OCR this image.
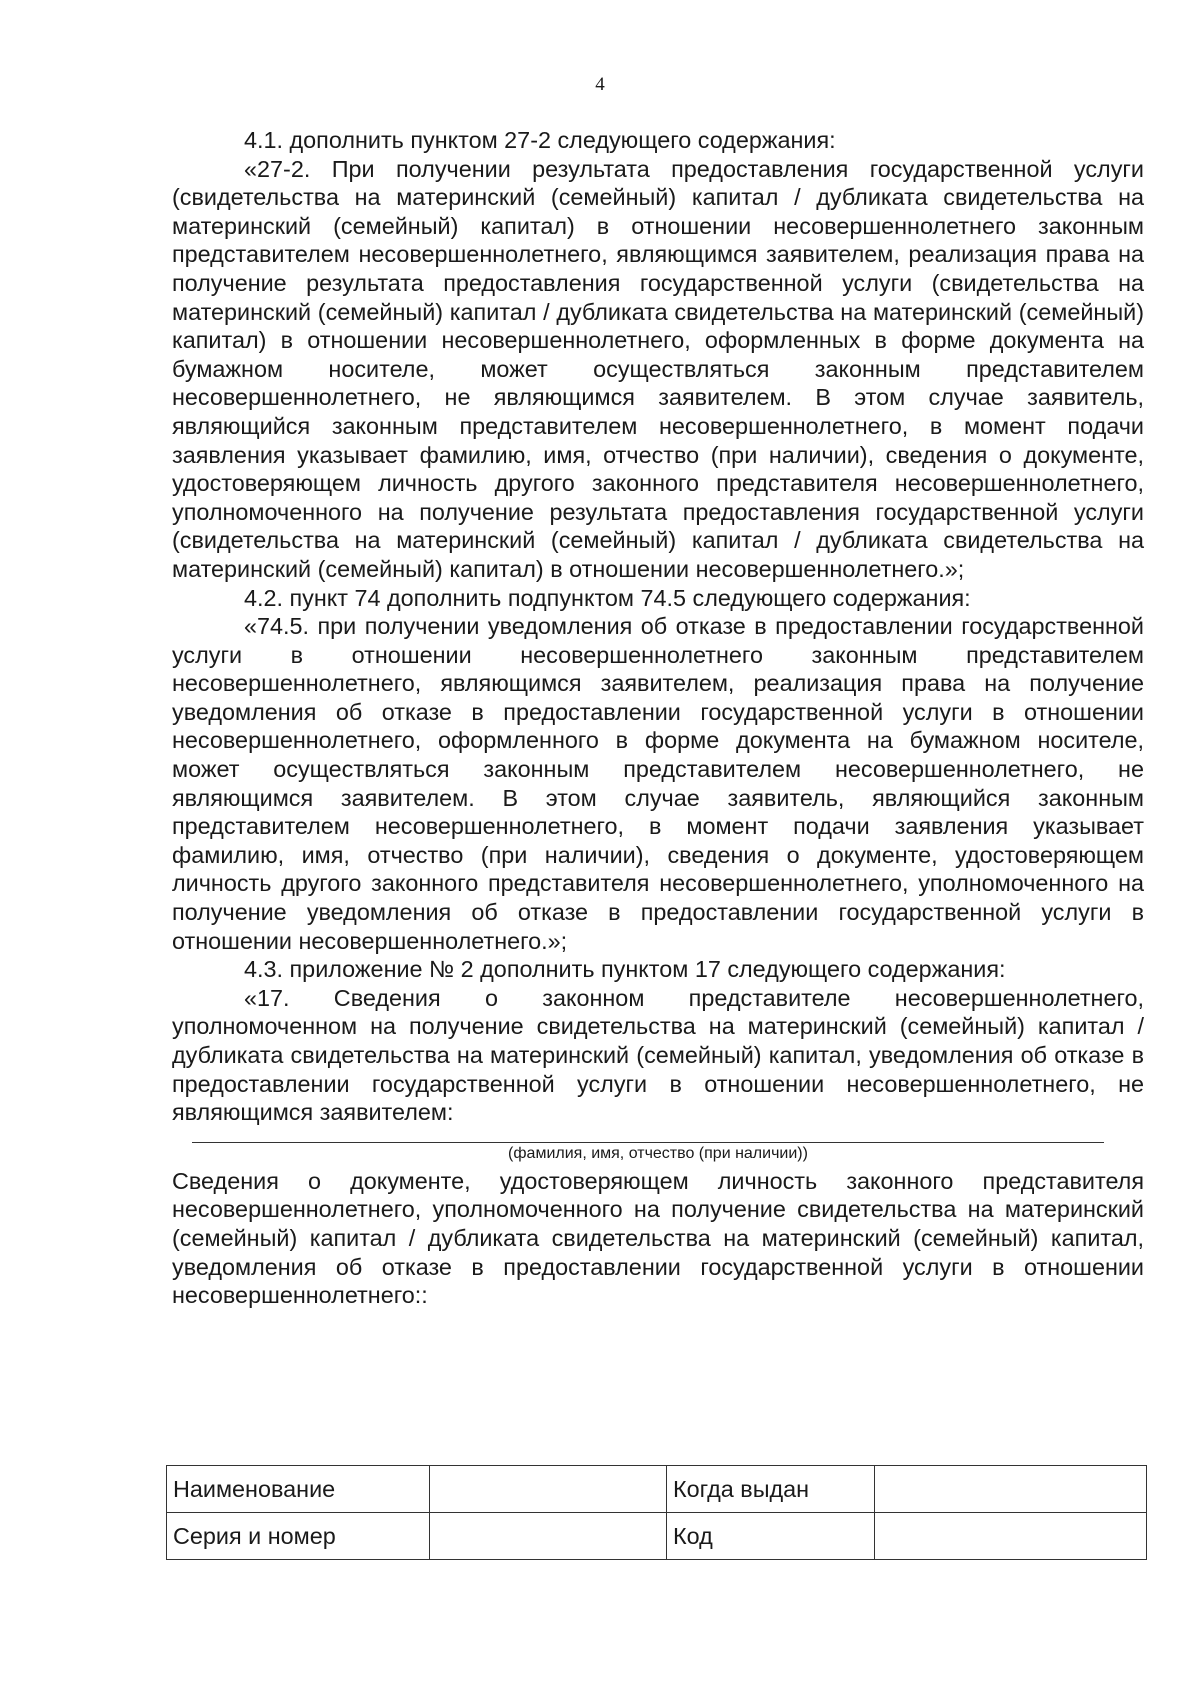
4

4.1. дополнить пунктом 27-2 следующего содержания:

«27-2. При получении результата предоставления государственной услуги (свидетельства на материнский (семейный) капитал / дубликата свидетельства на материнский (семейный) капитал) в отношении несовершеннолетнего законным представителем несовершеннолетнего, являющимся заявителем, реализация права на получение результата предоставления государственной услуги (свидетельства на материнский (семейный) капитал / дубликата свидетельства на материнский (семейный) капитал) в отношении несовершеннолетнего, оформленных в форме документа на бумажном носителе, может осуществляться законным представителем несовершеннолетнего, не являющимся заявителем. В этом случае заявитель, являющийся законным представителем несовершеннолетнего, в момент подачи заявления указывает фамилию, имя, отчество (при наличии), сведения о документе, удостоверяющем личность другого законного представителя несовершеннолетнего, уполномоченного на получение результата предоставления государственной услуги (свидетельства на материнский (семейный) капитал / дубликата свидетельства на материнский (семейный) капитал) в отношении несовершеннолетнего.»;

4.2. пункт 74 дополнить подпунктом 74.5 следующего содержания:

«74.5. при получении уведомления об отказе в предоставлении государственной услуги в отношении несовершеннолетнего законным представителем несовершеннолетнего, являющимся заявителем, реализация права на получение уведомления об отказе в предоставлении государственной услуги в отношении несовершеннолетнего, оформленного в форме документа на бумажном носителе, может осуществляться законным представителем несовершеннолетнего, не являющимся заявителем. В этом случае заявитель, являющийся законным представителем несовершеннолетнего, в момент подачи заявления указывает фамилию, имя, отчество (при наличии), сведения о документе, удостоверяющем личность другого законного представителя несовершеннолетнего, уполномоченного на получение уведомления об отказе в предоставлении государственной услуги в отношении несовершеннолетнего.»;

4.3. приложение № 2 дополнить пунктом 17 следующего содержания:

«17. Сведения о законном представителе несовершеннолетнего, уполномоченном на получение свидетельства на материнский (семейный) капитал / дубликата свидетельства на материнский (семейный) капитал, уведомления об отказе в предоставлении государственной услуги в отношении несовершеннолетнего, не являющимся заявителем:

(фамилия, имя, отчество (при наличии))

Сведения о документе, удостоверяющем личность законного представителя несовершеннолетнего, уполномоченного на получение свидетельства на материнский (семейный) капитал / дубликата свидетельства на материнский (семейный) капитал, уведомления об отказе в предоставлении государственной услуги в отношении несовершеннолетнего::

Наименование		Когда выдан	
Серия и номер		Код	
